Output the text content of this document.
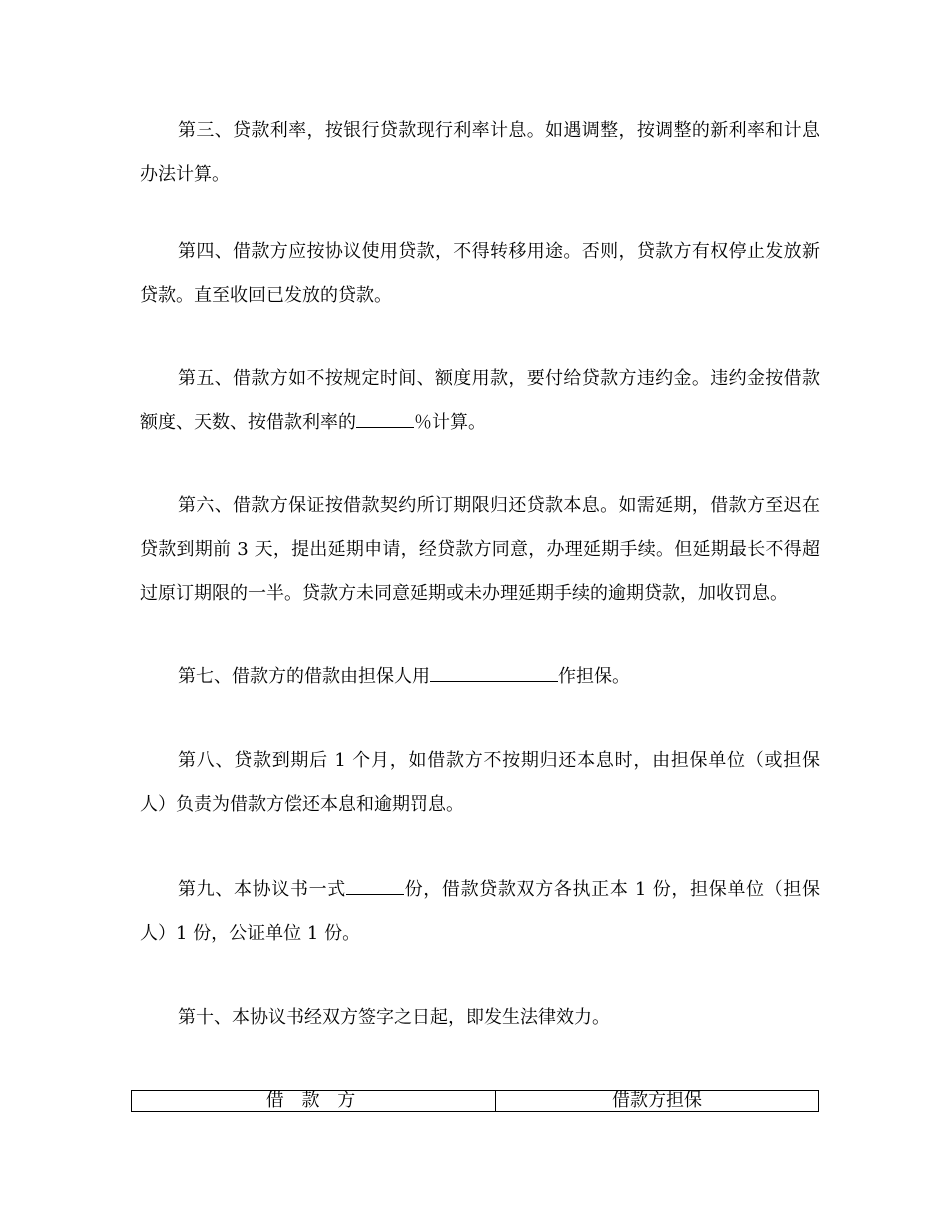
第三、贷款利率，按银行贷款现行利率计息。如遇调整，按调整的新利率和计息办法计算。

第四、借款方应按协议使用贷款，不得转移用途。否则，贷款方有权停止发放新贷款。直至收回已发放的贷款。

第五、借款方如不按规定时间、额度用款，要付给贷款方违约金。违约金按借款额度、天数、按借款利率的	％计算。

第六、借款方保证按借款契约所订期限归还贷款本息。如需延期，借款方至迟在贷款到期前 3 天，提出延期申请，经贷款方同意，办理延期手续。但延期最长不得超过原订期限的一半。贷款方未同意延期或未办理延期手续的逾期贷款，加收罚息。

第七、借款方的借款由担保人用	作担保。

第八、贷款到期后 1 个月，如借款方不按期归还本息时，由担保单位（或担保人）负责为借款方偿还本息和逾期罚息。

第九、本协议书一式	份，借款贷款双方各执正本 1 份，担保单位（担保人）1 份，公证单位 1 份。

第十、本协议书经双方签字之日起，即发生法律效力。

借 款 方	借款方担保
